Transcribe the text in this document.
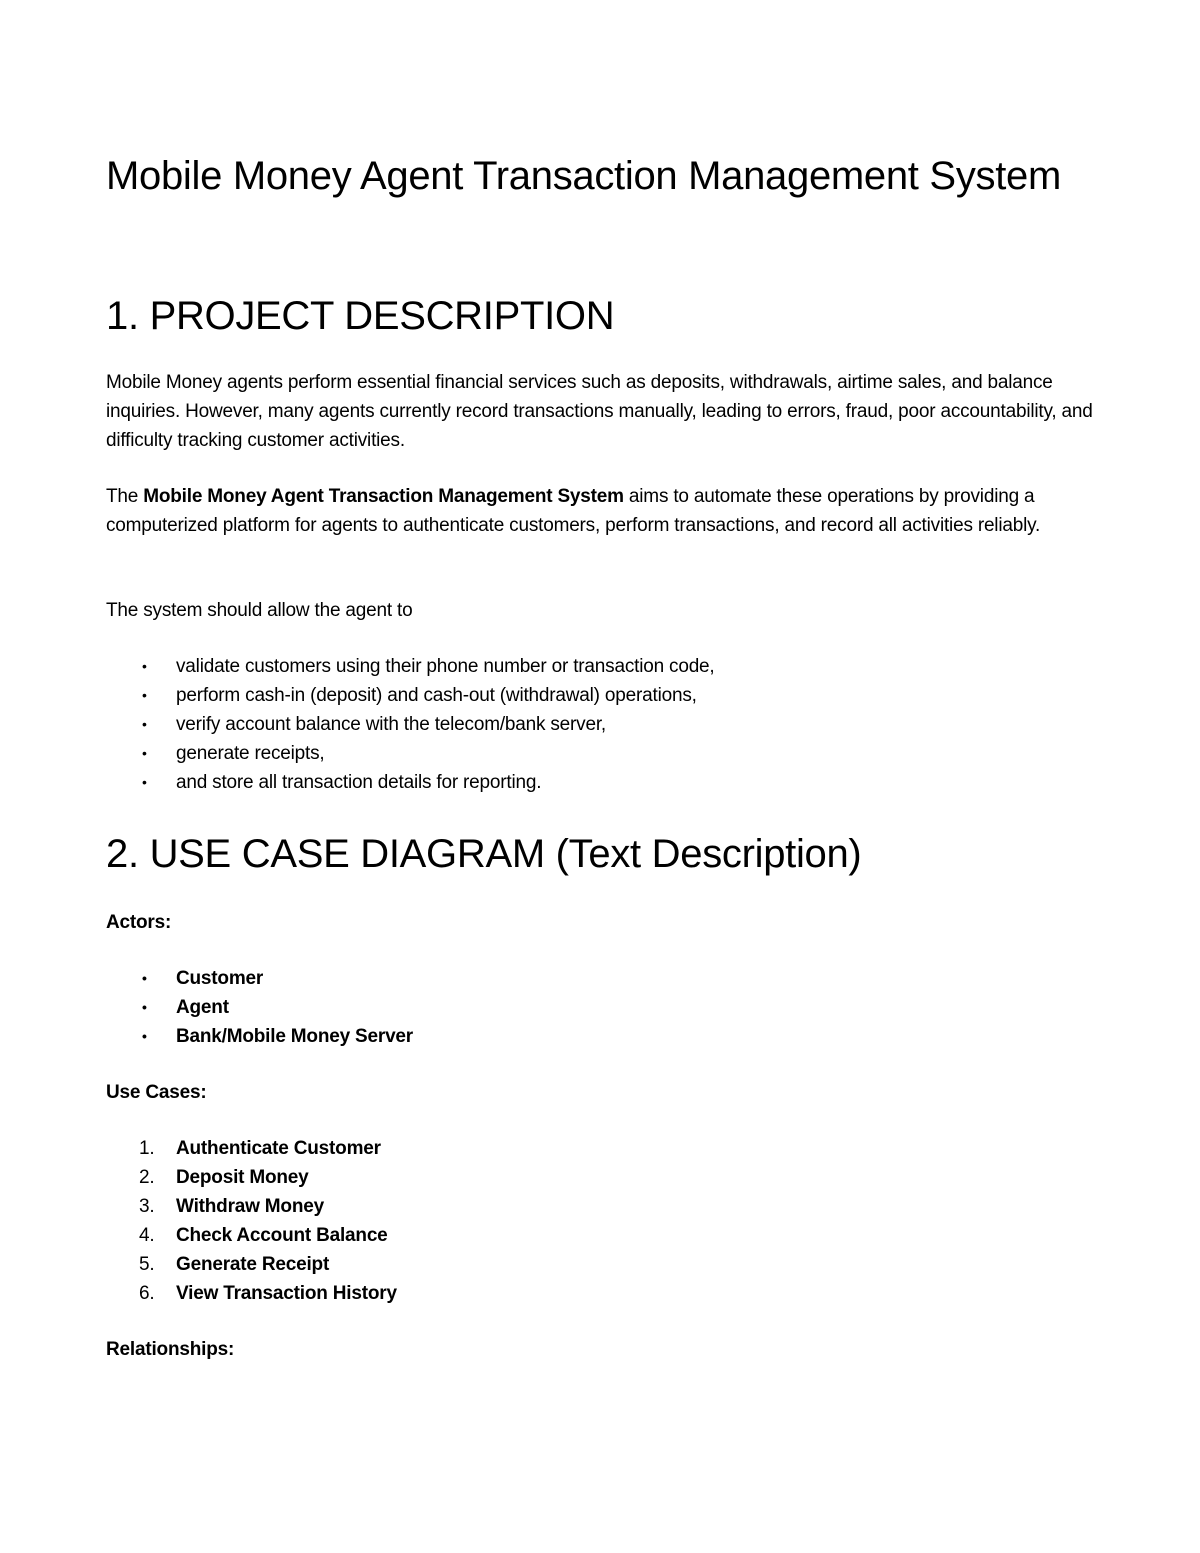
Mobile Money Agent Transaction Management System
1. PROJECT DESCRIPTION

Mobile Money agents perform essential financial services such as deposits, withdrawals, airtime sales, and balance inquiries. However, many agents currently record transactions manually, leading to errors, fraud, poor accountability, and difficulty tracking customer activities.

The Mobile Money Agent Transaction Management System aims to automate these operations by providing a computerized platform for agents to authenticate customers, perform transactions, and record all activities reliably.

The system should allow the agent to

•	validate customers using their phone number or transaction code,
•	perform cash-in (deposit) and cash-out (withdrawal) operations,
•	verify account balance with the telecom/bank server,
•	generate receipts,
•	and store all transaction details for reporting.
2. USE CASE DIAGRAM (Text Description)

Actors:

•	Customer
•	Agent
•	Bank/Mobile Money Server

Use Cases:

1.	Authenticate Customer
2.	Deposit Money
3.	Withdraw Money
4.	Check Account Balance
5.	Generate Receipt
6.	View Transaction History

Relationships:
